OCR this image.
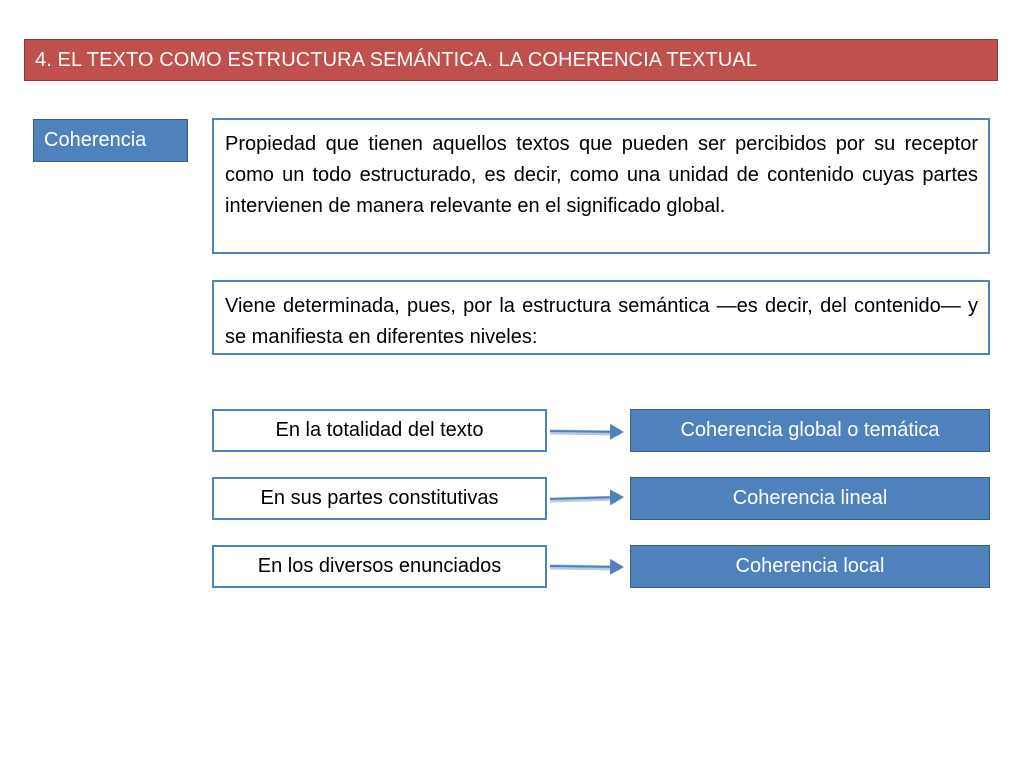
4. EL TEXTO COMO ESTRUCTURA SEMÁNTICA. LA COHERENCIA TEXTUAL
Coherencia	Propiedad que tienen aquellos textos que pueden ser percibidos por su receptor como un todo estructurado, es decir, como una unidad de contenido cuyas partes intervienen de manera relevante en el significado global.
Viene determinada, pues, por la estructura semántica —es decir, del contenido— y se manifiesta en diferentes niveles:
En la totalidad del texto
En sus partes constitutivas
En los diversos enunciados
Coherencia global o temática
Coherencia lineal
Coherencia local
